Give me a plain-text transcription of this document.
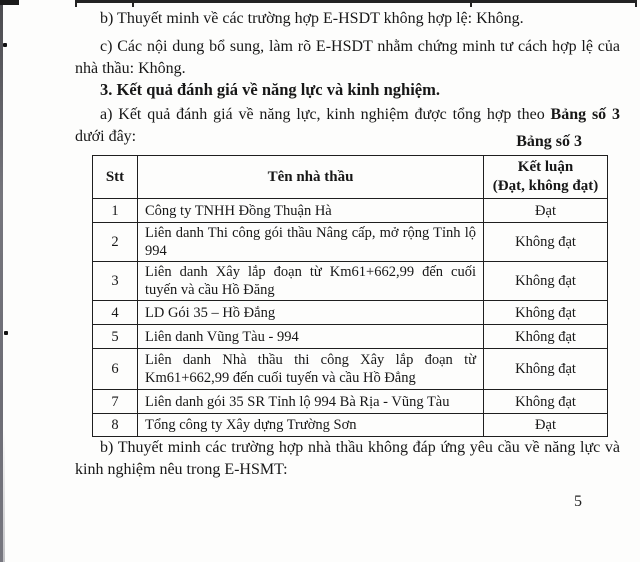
b) Thuyết minh về các trường hợp E-HSDT không hợp lệ: Không.
c) Các nội dung bổ sung, làm rõ E-HSDT nhằm chứng minh tư cách hợp lệ của nhà thầu: Không.
3. Kết quả đánh giá về năng lực và kinh nghiệm.
a) Kết quả đánh giá về năng lực, kinh nghiệm được tổng hợp theo Bảng số 3 dưới đây:	Bảng số 3
Stt	Tên nhà thầu	Kết luận
(Đạt, không đạt)

1	Công ty TNHH Đồng Thuận Hà	Đạt
2	Liên danh Thi công gói thầu Nâng cấp, mở rộng Tỉnh lộ 994	Không đạt
3	Liên danh Xây lắp đoạn từ Km61+662,99 đến cuối tuyến và cầu Hồ Đăng	Không đạt
4	LD Gói 35 – Hồ Đắng	Không đạt
5	Liên danh Vũng Tàu - 994	Không đạt
6	Liên danh Nhà thầu thi công Xây lắp đoạn từ Km61+662,99 đến cuối tuyến và cầu Hồ Đẳng	Không đạt
7	Liên danh gói 35 SR Tỉnh lộ 994 Bà Rịa - Vũng Tàu	Không đạt
8	Tổng công ty Xây dựng Trường Sơn	Đạt
b) Thuyết minh các trường hợp nhà thầu không đáp ứng yêu cầu về năng lực và kinh nghiệm nêu trong E-HSMT:
5
